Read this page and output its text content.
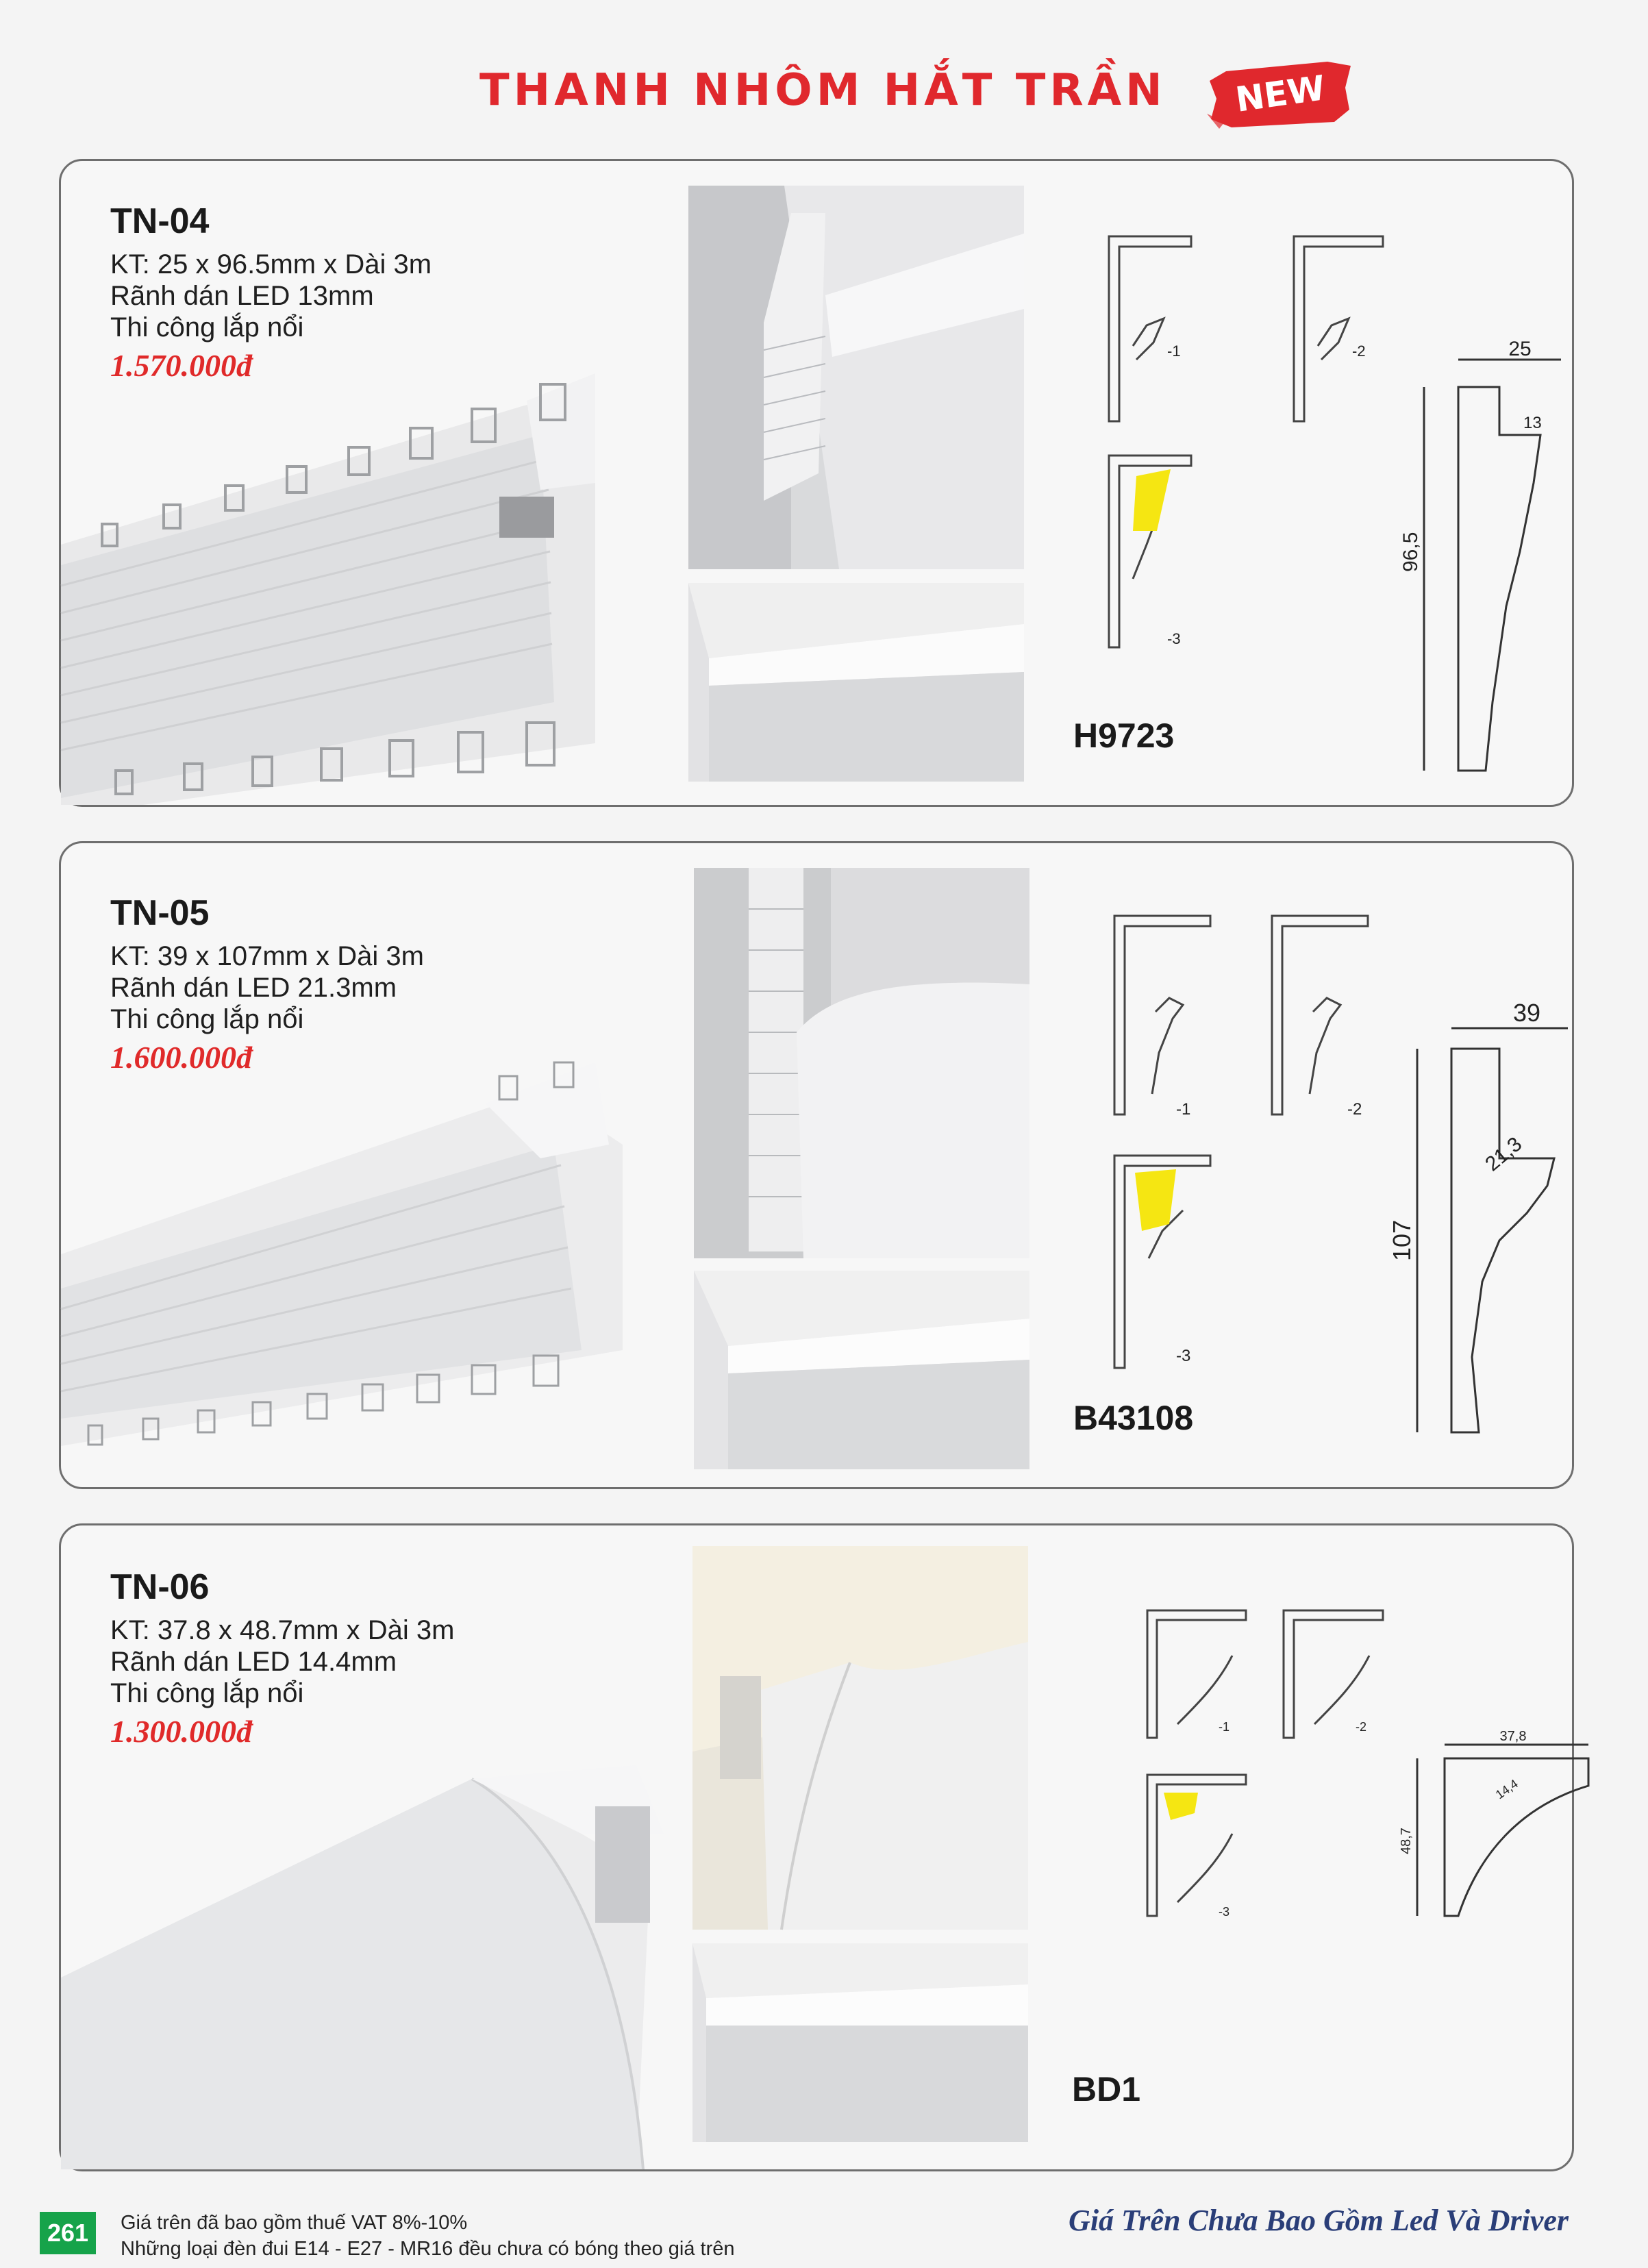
THANH NHÔM HẮT TRẦN NEW
TN-04
KT: 25 x 96.5mm x Dài 3m
Rãnh dán LED 13mm
Thi công lắp nổi
1.570.000đ	-1	-2
-3
25
96,5
13
H9723
TN-05
KT: 39 x 107mm x Dài 3m
Rãnh dán LED 21.3mm
Thi công lắp nổi
1.600.000đ
-1	-2
-3
39
107
21,3
B43108
TN-06
KT: 37.8 x 48.7mm x Dài 3m
Rãnh dán LED 14.4mm
Thi công lắp nổi
1.300.000đ	-1	-2
-3
37,8
48,7
14,4
BD1
261	Giá trên đã bao gồm thuế VAT 8%-10%
Những loại đèn đui E14 - E27 - MR16 đều chưa có bóng theo giá trên
Giá Trên Chưa Bao Gồm Led Và Driver
